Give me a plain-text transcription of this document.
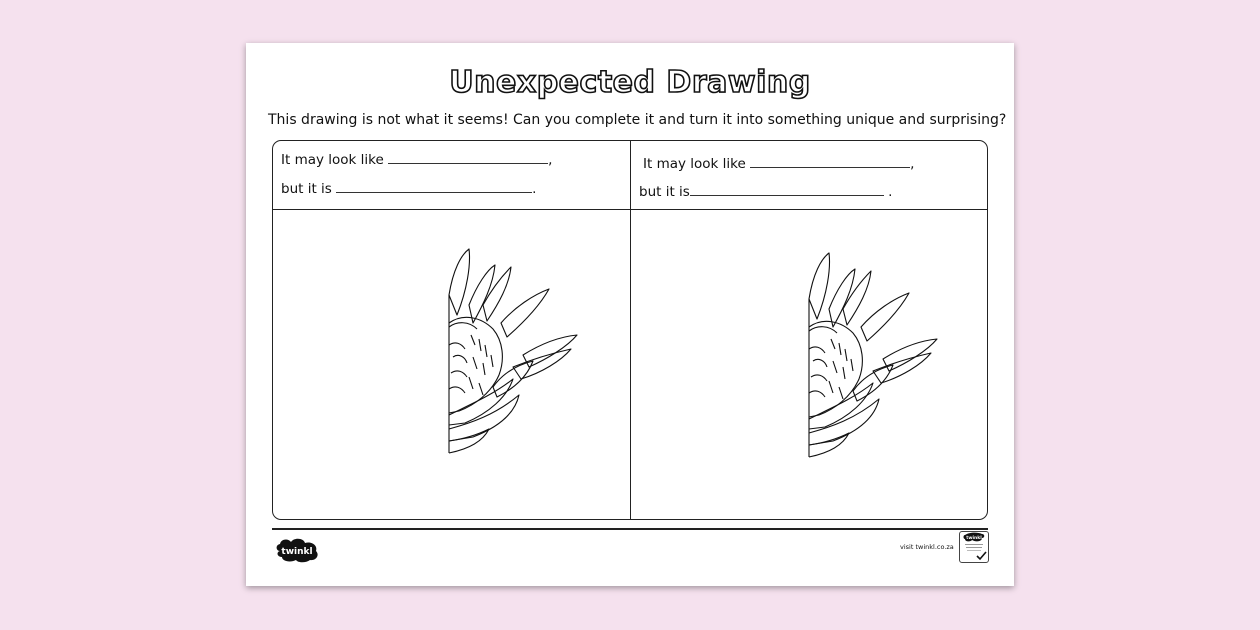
Unexpected Drawing
This drawing is not what it seems! Can you complete it and turn it into something unique and surprising?
It may look like	,
but it is	.
It may look like	,
but it is	.
twinkl	visit twinkl.co.za
twinkl
